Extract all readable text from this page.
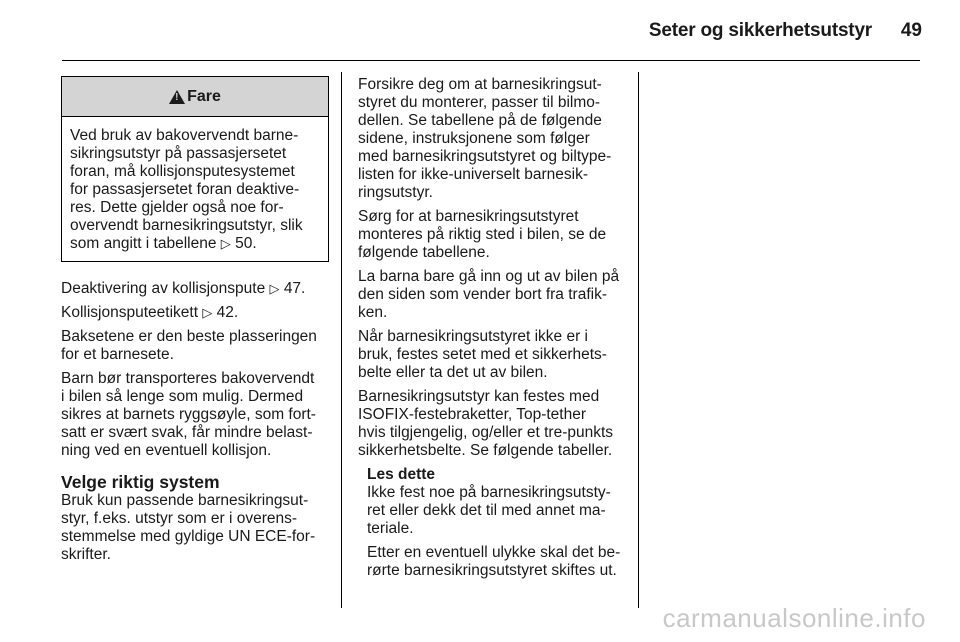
Seter og sikkerhetsutstyr 49
!
Fare
Ved bruk av bakovervendt barne-
sikringsutstyr på passasjersetet
foran, må kollisjonsputesystemet
for passasjersetet foran deaktive-
res. Dette gjelder også noe for-
overvendt barnesikringsutstyr, slik
som angitt i tabellene ▷ 50.

Deaktivering av kollisjonspute ▷ 47.

Kollisjonsputeetikett ▷ 42.

Baksetene er den beste plasseringen
for et barnesete.

Barn bør transporteres bakovervendt
i bilen så lenge som mulig. Dermed
sikres at barnets ryggsøyle, som fort-
satt er svært svak, får mindre belast-
ning ved en eventuell kollisjon.

Velge riktig system

Bruk kun passende barnesikringsut-
styr, f.eks. utstyr som er i overens-
stemmelse med gyldige UN ECE-for-
skrifter.

Forsikre deg om at barnesikringsut-
styret du monterer, passer til bilmo-
dellen. Se tabellene på de følgende
sidene, instruksjonene som følger
med barnesikringsutstyret og biltype-
listen for ikke-universelt barnesik-
ringsutstyr.

Sørg for at barnesikringsutstyret
monteres på riktig sted i bilen, se de
følgende tabellene.

La barna bare gå inn og ut av bilen på
den siden som vender bort fra trafik-
ken.

Når barnesikringsutstyret ikke er i
bruk, festes setet med et sikkerhets-
belte eller ta det ut av bilen.

Barnesikringsutstyr kan festes med
ISOFIX-festebraketter, Top-tether
hvis tilgjengelig, og/eller et tre-punkts
sikkerhetsbelte. Se følgende tabeller.

Les dette

Ikke fest noe på barnesikringsutsty-
ret eller dekk det til med annet ma-
teriale.

Etter en eventuell ulykke skal det be-
rørte barnesikringsutstyret skiftes ut.

carmanualsonline.info
